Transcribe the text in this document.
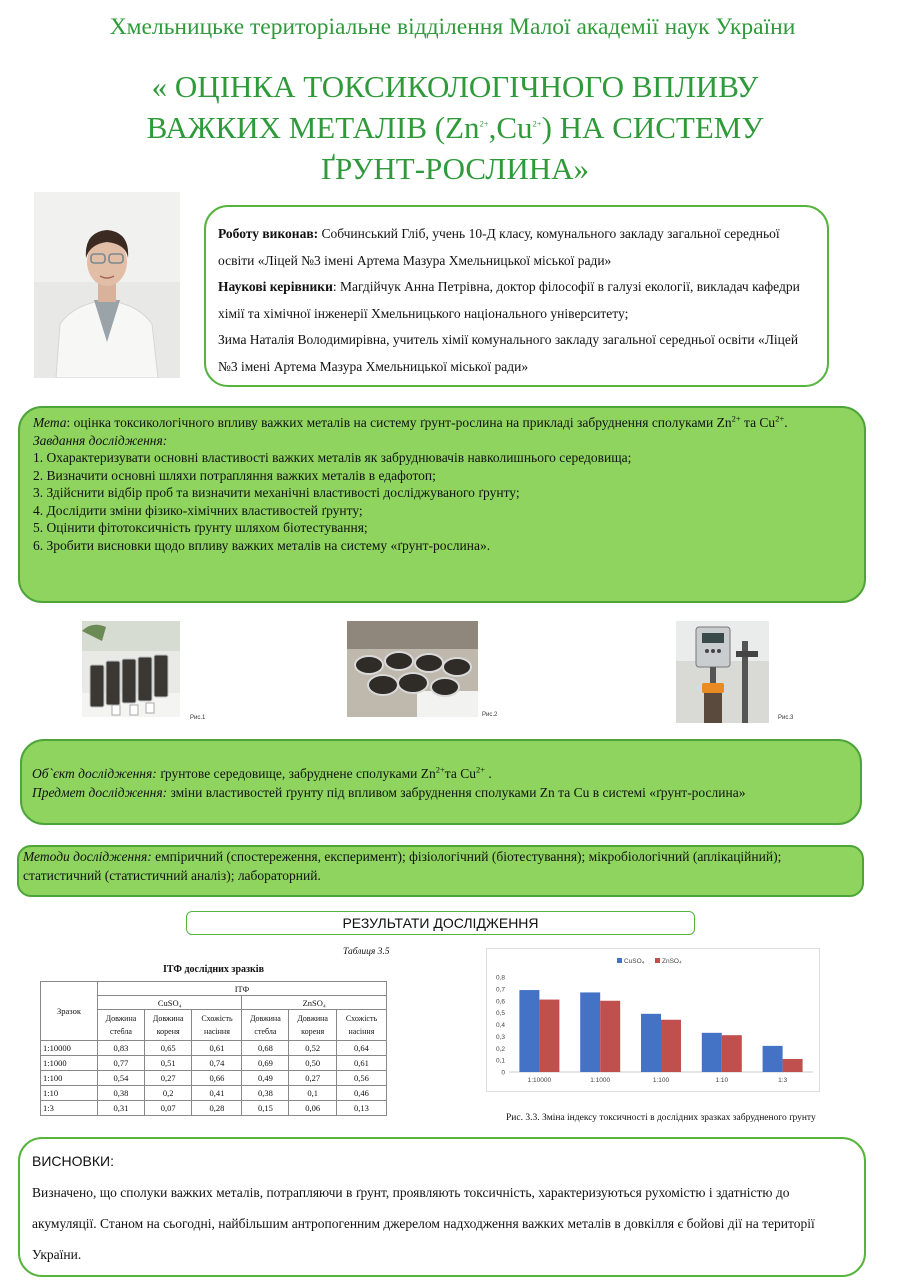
Хмельницьке територіальне відділення Малої академії наук України
« ОЦІНКА ТОКСИКОЛОГІЧНОГО ВПЛИВУ
ВАЖКИХ МЕТАЛІВ $(Zn^{2+},Cu^{2+})$ НА СИСТЕМУ
ҐРУНТ-РОСЛИНА»
Роботу виконав: Собчинський Гліб, учень 10-Д класу, комунального закладу загальної середньої освіти «Ліцей №3 імені Артема Мазура Хмельницької міської ради»
Наукові керівники: Магдійчук Анна Петрівна, доктор філософії в галузі екології, викладач кафедри хімії та хімічної інженерії Хмельницького національного університету;
Зима Наталія Володимирівна, учитель хімії комунального закладу загальної середньої освіти «Ліцей №3 імені Артема Мазура Хмельницької міської ради»
Мета: оцінка токсикологічного впливу важких металів на систему ґрунт-рослина на прикладі забруднення сполуками $Zn^{2+}$ та $Cu^{2+}$.
Завдання дослідження:
1. Охарактеризувати основні властивості важких металів як забруднювачів навколишнього середовища;
2. Визначити основні шляхи потрапляння важких металів в едафотоп;
3. Здійснити відбір проб та визначити механічні властивості досліджуваного ґрунту;
4. Дослідити зміни фізико-хімічних властивостей ґрунту;
5. Оцінити фітотоксичність ґрунту шляхом біотестування;
6. Зробити висновки щодо впливу важких металів на систему «ґрунт-рослина».
Рис.1	Рис.2	Рис.3
Об`єкт дослідження: ґрунтове середовище, забруднене сполуками $Zn^{2+}та$ $Cu^{2+}$ .
Предмет дослідження: зміни властивостей ґрунту під впливом забруднення сполуками Zn та Cu в системі «ґрунт-рослина»
Методи дослідження: емпіричний (спостереження, експеримент); фізіологічний (біотестування); мікробіологічний (аплікаційний); статистичний (статистичний аналіз); лабораторний.
РЕЗУЛЬТАТИ ДОСЛІДЖЕННЯ
Таблиця 3.5
ІТФ дослідних зразків
Зразок	ІТФ					
	CuSO₄			ZnSO₄		
	Довжина стебла	Довжина кореня	Схожість насіння	Довжина стебла	Довжина кореня	Схожість насіння
1:10000	0,83	0,65	0,61	0,68	0,52	0,64
1:1000	0,77	0,51	0,74	0,69	0,50	0,61
1:100	0,54	0,27	0,66	0,49	0,27	0,56
1:10	0,38	0,2	0,41	0,38	0,1	0,46
1:3	0,31	0,07	0,28	0,15	0,06	0,13
0
0,1
0,2
0,3
0,4
0,5
0,6
0,7
0,8
1:10000	1:1000	1:100	1:10	1:3
CuSO₄	ZnSO₄
Рис. 3.3. Зміна індексу токсичності в дослідних зразках забрудненого ґрунту
ВИСНОВКИ:
Визначено, що сполуки важких металів, потрапляючи в ґрунт, проявляють токсичність, характеризуються рухомістю і здатністю до акумуляції. Станом на сьогодні, найбільшим антропогенним джерелом надходження важких металів в довкілля є бойові дії на території України.
